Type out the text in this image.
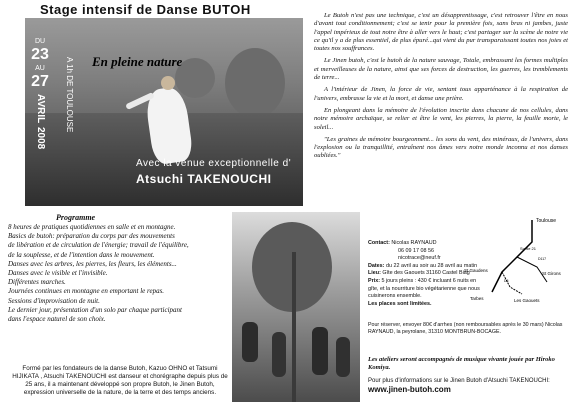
Stage intensif de Danse BUTOH
DU
23
AU
27
AVRIL
2008
A 1h DE TOULOUSE En pleine nature
Avec la venue exceptionnelle d'
Atsuchi TAKENOUCHI

Le Butoh n'est pas une technique, c'est un désapprentissage, c'est retrouver l'être en nous d'avant tout conditionnement; c'est se tenir pour la première fois, sans bras ni jambes, juste l'appel impérieux de tout notre être à aller vers le haut; c'est partager sur la scène de notre vie ce qu'il y a de plus essentiel, de plus épuré...qui vient du pur transparaissant toutes nos joies et toutes nos souffrances.

Le Jinen butoh, c'est le butoh de la nature sauvage, Totale, embrassant les formes multiples et merveilleuses de la nature, ainsi que ses forces de destruction, les guerres, les tremblements de terre...

A l'intérieur de Jinen, la force de vie, sentant tous apparténance à la respiration de l'univers, embrasse la vie et la mort, et danse une prière.

En plongeant dans la mémoire de l'évolution inscrite dans chacune de nos cellules, dans notre mémoire archaïque, se relier et être le vent, les pierres, la pierre, la feuille morte, le soleil...

"Les graines de mémoire bourgeonnent... les sons du vent, des minéraux, de l'univers, dans l'explosion ou la tranquillité, entraînent nos âmes vers notre monde inconnu et nos danses oubliées."

Programme
8 heures de pratiques quotidiennes en salle et en montagne.
Basics de butoh: préparation du corps par des mouvements
de libération et de circulation de l'énergie; travail de l'équilibre,
de la souplesse, et de l'intention dans le mouvement.
Danses avec les arbres, les pierres, les fleurs, les éléments...
Danses avec le visible et l'invisible.
Différentes marches.
Journées continues en montagne en emportant le repas.
Sessions d'improvisation de nuit.
Le dernier jour, présentation d'un solo par chaque participant
dans l'espace naturel de son choix.
Formé par les fondateurs de la danse Butoh, Kazuo OHNO et Tatsumi HIJIKATA , Atsuchi TAKENOUCHI est danseur et chorégraphe depuis plus de 25 ans, il a maintenant développé son propre Butoh, le Jinen Butoh, expression universelle de la nature, de la terre et des temps anciens.
Contact: Nicolas RAYNAUD
06 09 17 08 56
nicotrace@neuf.fr
Dates: du 22 avril au soir au 28 avril au matin
Lieu: Gîte des Gaouets 31160 Castel Biag
Prix: 5 jours pleins : 430 € incluant 6 nuits en gîte, et la nourriture bio végétarienne que nous cuisinerons ensemble.
Les places sont limitées.
Toulouse
Sortie 21
St Gaudens
St Girons
Tarbes	Les Gaouets
D117
D5
Pour réserver, envoyer 80€ d'arrhes (non remboursables après le 30 mars) Nicolas RAYNAUD, la peyrolane, 31310 MONTBRUN-BOCAGE.
Les ateliers seront accompagnés de musique vivante jouée par Hiroko Komiya.
Pour plus d'informations sur le Jinen Butoh d'Atsuchi TAKENOUCHI: www.jinen-butoh.com
